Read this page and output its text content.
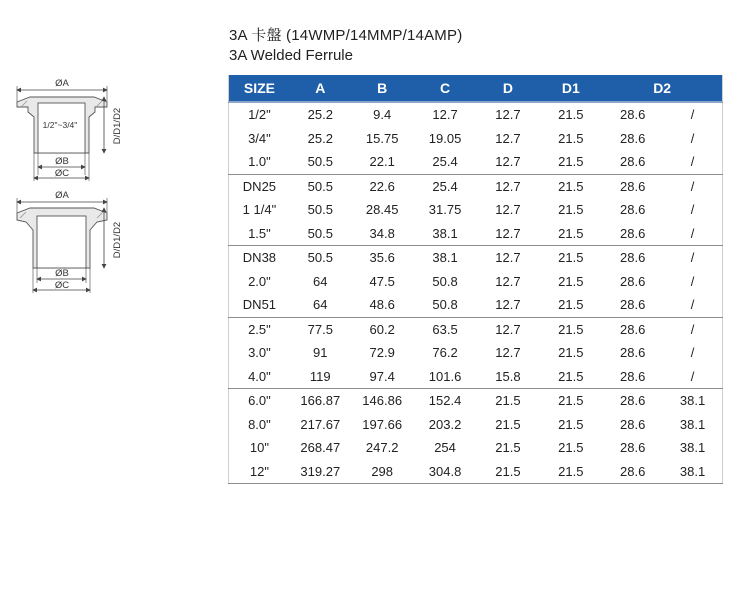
3A 卡盤 (14WMP/14MMP/14AMP)
3A Welded Ferrule
ØA
1/2"~3/4"	D/D1/D2
ØB
ØC
ØA
D/D1/D2
ØB
ØC
SIZE	A	B	C	D	D1	D2	
1/2"	25.2	9.4	12.7	12.7	21.5	28.6	/
3/4"	25.2	15.75	19.05	12.7	21.5	28.6	/
1.0"	50.5	22.1	25.4	12.7	21.5	28.6	/
DN25	50.5	22.6	25.4	12.7	21.5	28.6	/
1 1/4"	50.5	28.45	31.75	12.7	21.5	28.6	/
1.5"	50.5	34.8	38.1	12.7	21.5	28.6	/
DN38	50.5	35.6	38.1	12.7	21.5	28.6	/
2.0"	64	47.5	50.8	12.7	21.5	28.6	/
DN51	64	48.6	50.8	12.7	21.5	28.6	/
2.5"	77.5	60.2	63.5	12.7	21.5	28.6	/
3.0"	91	72.9	76.2	12.7	21.5	28.6	/
4.0"	119	97.4	101.6	15.8	21.5	28.6	/
6.0"	166.87	146.86	152.4	21.5	21.5	28.6	38.1
8.0"	217.67	197.66	203.2	21.5	21.5	28.6	38.1
10"	268.47	247.2	254	21.5	21.5	28.6	38.1
12"	319.27	298	304.8	21.5	21.5	28.6	38.1
